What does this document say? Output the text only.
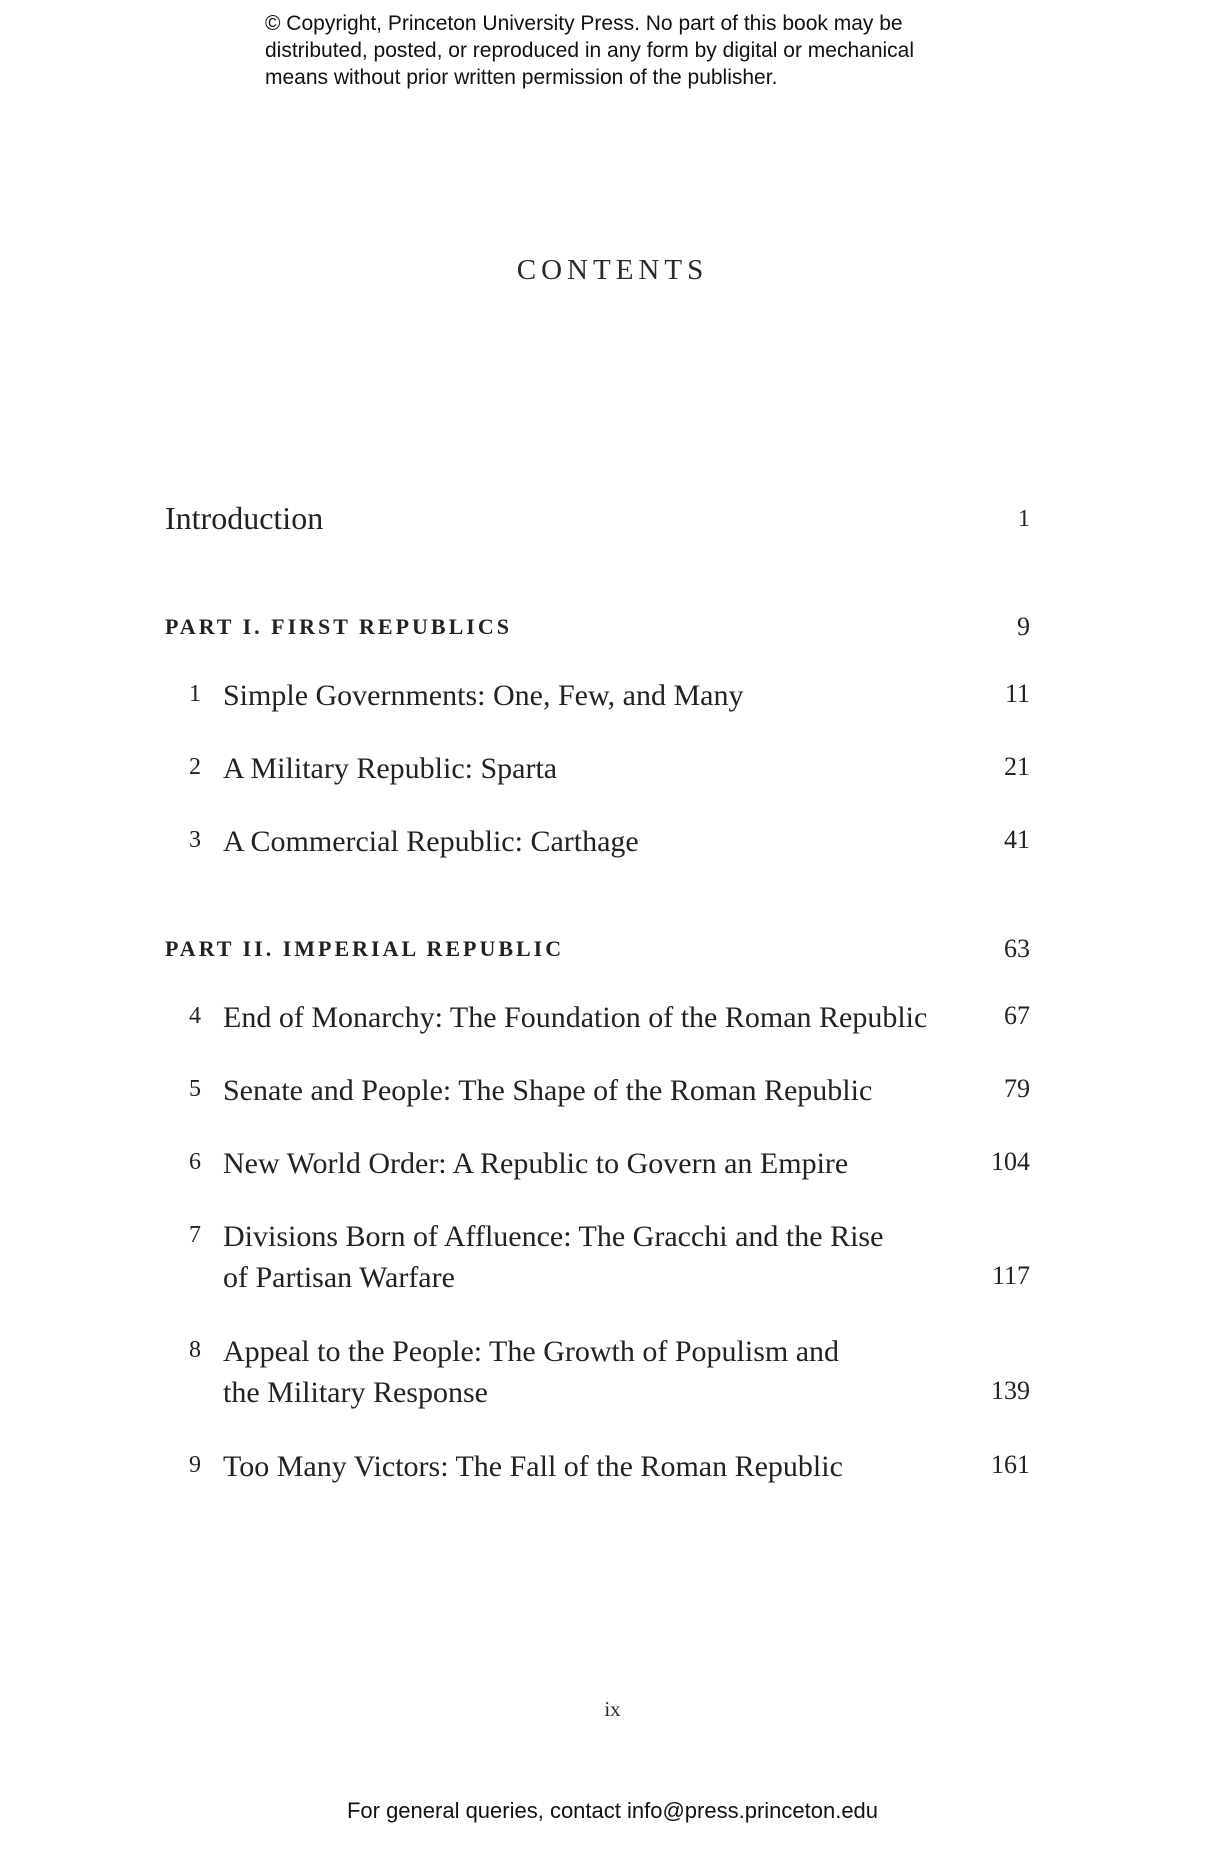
© Copyright, Princeton University Press. No part of this book may be
distributed, posted, or reproduced in any form by digital or mechanical
means without prior written permission of the publisher.
CONTENTS
Introduction	1
PART I. FIRST REPUBLICS	9
1 Simple Governments: One, Few, and Many	11
2 A Military Republic: Sparta	21
3 A Commercial Republic: Carthage	41
PART II. IMPERIAL REPUBLIC	63
4 End of Monarchy: The Foundation of the Roman Republic	67
5 Senate and People: The Shape of the Roman Republic	79
6 New World Order: A Republic to Govern an Empire	104
7 Divisions Born of Affluence: The Gracchi and the Rise
of Partisan Warfare	117
8 Appeal to the People: The Growth of Populism and
the Military Response	139
9 Too Many Victors: The Fall of the Roman Republic	161
ix
For general queries, contact info@press.princeton.edu
